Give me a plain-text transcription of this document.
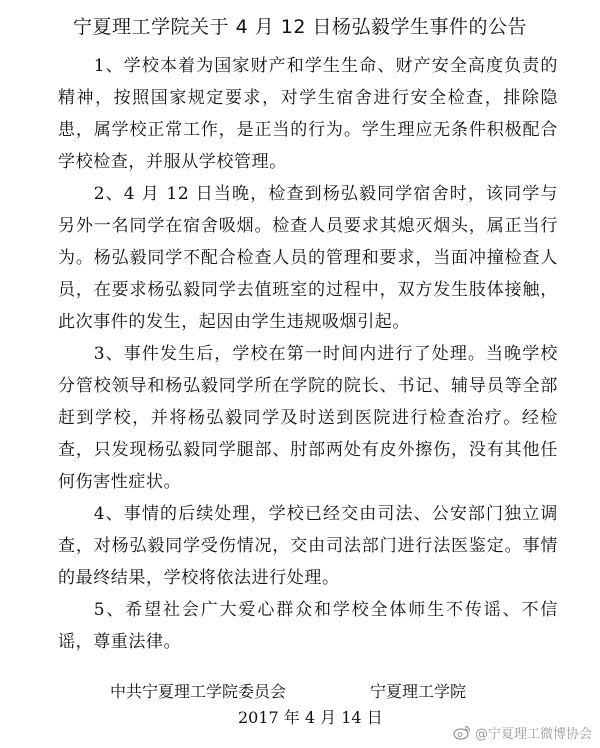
宁夏理工学院关于 4 月 12 日杨弘毅学生事件的公告

1、学校本着为国家财产和学生生命、财产安全高度负责的精神，按照国家规定要求，对学生宿舍进行安全检查，排除隐患，属学校正常工作，是正当的行为。学生理应无条件积极配合学校检查，并服从学校管理。

2、4 月 12 日当晚，检查到杨弘毅同学宿舍时，该同学与另外一名同学在宿舍吸烟。检查人员要求其熄灭烟头，属正当行为。杨弘毅同学不配合检查人员的管理和要求，当面冲撞检查人员，在要求杨弘毅同学去值班室的过程中，双方发生肢体接触，此次事件的发生，起因由学生违规吸烟引起。

3、事件发生后，学校在第一时间内进行了处理。当晚学校分管校领导和杨弘毅同学所在学院的院长、书记、辅导员等全部赶到学校，并将杨弘毅同学及时送到医院进行检查治疗。经检查，只发现杨弘毅同学腿部、肘部两处有皮外擦伤，没有其他任何伤害性症状。

4、事情的后续处理，学校已经交由司法、公安部门独立调查，对杨弘毅同学受伤情况，交由司法部门进行法医鉴定。事情的最终结果，学校将依法进行处理。

5、希望社会广大爱心群众和学校全体师生不传谣、不信谣，尊重法律。

中共宁夏理工学院委员会	宁夏理工学院
2017 年 4 月 14 日
@宁夏理工微博协会
